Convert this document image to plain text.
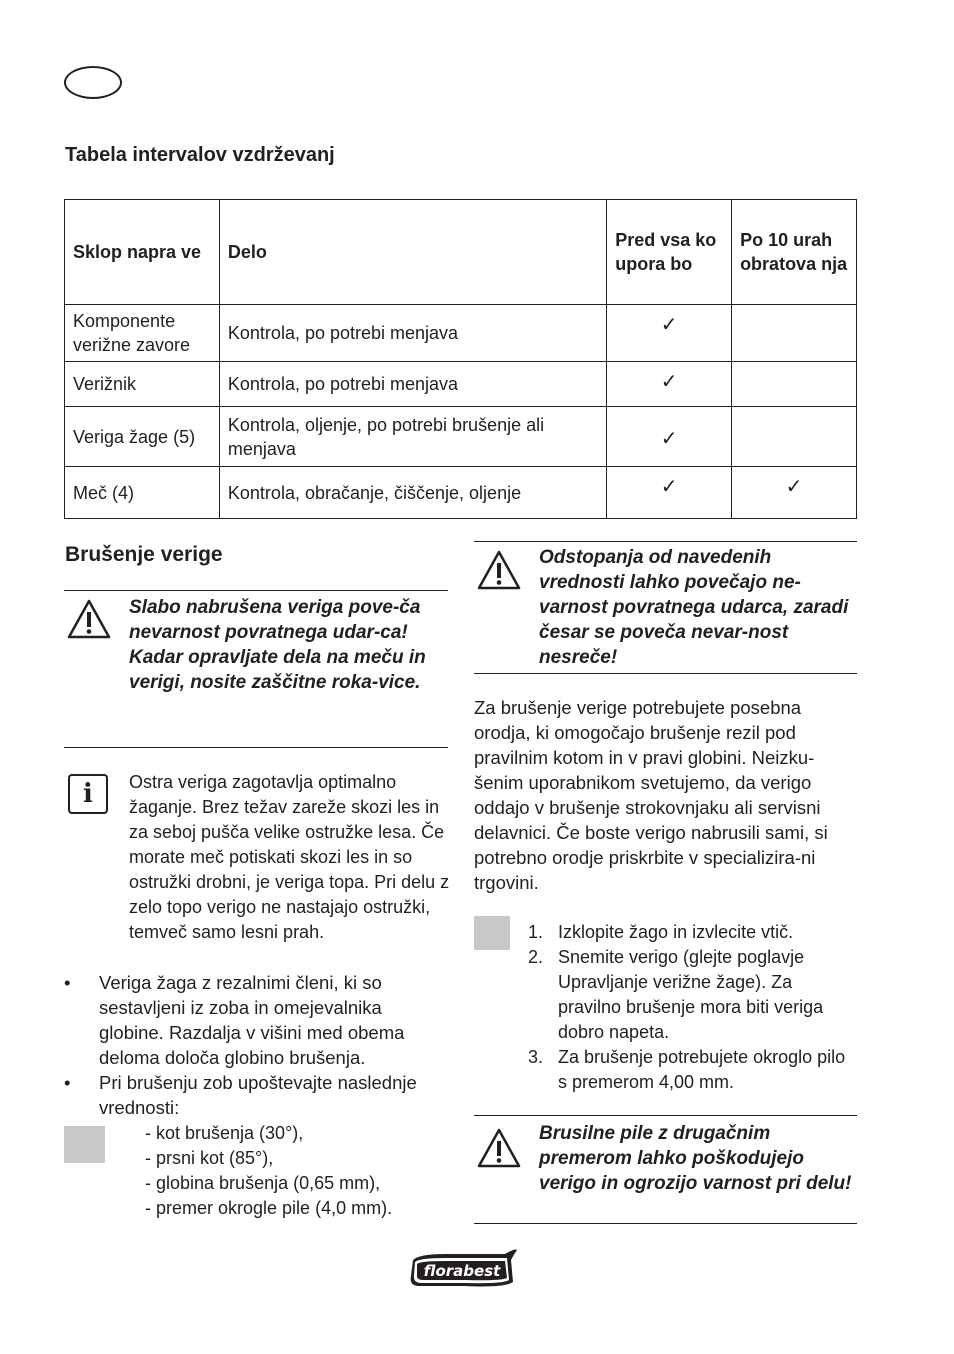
Tabela intervalov vzdrževanj
Sklop napra ve	Delo	Pred vsa ko upora bo	Po 10 urah obratova nja
Komponente verižne zavore	Kontrola, po potrebi menjava	✓	
Verižnik	Kontrola, po potrebi menjava	✓	
Veriga žage (5)	Kontrola, oljenje, po potrebi brušenje ali menjava	✓	
Meč (4)	Kontrola, obračanje, čiščenje, oljenje	✓	✓
Brušenje verige
Slabo nabrušena veriga pove-ča nevarnost povratnega udar-ca! Kadar opravljate dela na meču in verigi, nosite zaščitne roka-vice.
i	Ostra veriga zagotavlja optimalno žaganje. Brez težav zareže skozi les in za seboj pušča velike ostružke lesa. Če morate meč potiskati skozi les in so ostružki drobni, je veriga topa. Pri delu z zelo topo verigo ne nastajajo ostružki, temveč samo lesni prah.
• Veriga žaga z rezalnimi členi, ki so sestavljeni iz zoba in omejevalnika globine. Razdalja v višini med obema deloma določa globino brušenja.
• Pri brušenju zob upoštevajte naslednje vrednosti:
- kot brušenja (30°),
- prsni kot (85°),
- globina brušenja (0,65 mm),
- premer okrogle pile (4,0 mm).
Odstopanja od navedenih vrednosti lahko povečajo ne-varnost povratnega udarca, zaradi česar se poveča nevar-nost nesreče!
Za brušenje verige potrebujete posebna orodja, ki omogočajo brušenje rezil pod pravilnim kotom in v pravi globini. Neizku-šenim uporabnikom svetujemo, da verigo oddajo v brušenje strokovnjaku ali servisni delavnici. Če boste verigo nabrusili sami, si potrebno orodje priskrbite v specializira-ni trgovini.
1. Izklopite žago in izvlecite vtič.
2. Snemite verigo (glejte poglavje Upravljanje verižne žage). Za pravilno brušenje mora biti veriga dobro napeta.
3. Za brušenje potrebujete okroglo pilo s premerom 4,00 mm.
Brusilne pile z drugačnim premerom lahko poškodujejo verigo in ogrozijo varnost pri delu!
florabest
